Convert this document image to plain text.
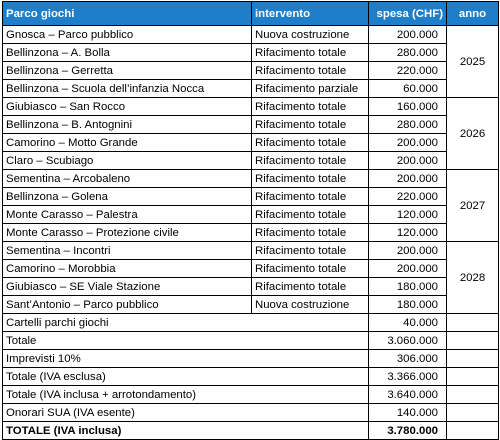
Parco giochi	intervento	spesa (CHF)	anno
Gnosca – Parco pubblico	Nuova costruzione	200.000	2025
Bellinzona – A. Bolla	Rifacimento totale	280.000	
Bellinzona – Gerretta	Rifacimento totale	220.000	
Bellinzona – Scuola dell’infanzia Nocca	Rifacimento parziale	60.000	
Giubiasco – San Rocco	Rifacimento totale	160.000	2026
Bellinzona – B. Antognini	Rifacimento totale	280.000	
Camorino – Motto Grande	Rifacimento totale	200.000	
Claro – Scubiago	Rifacimento totale	200.000	
Sementina – Arcobaleno	Rifacimento totale	200.000	2027
Bellinzona – Golena	Rifacimento totale	220.000	
Monte Carasso – Palestra	Rifacimento totale	120.000	
Monte Carasso – Protezione civile	Rifacimento totale	120.000	
Sementina – Incontri	Rifacimento totale	200.000	2028
Camorino – Morobbia	Rifacimento totale	200.000	
Giubiasco – SE Viale Stazione	Rifacimento totale	180.000	
Sant’Antonio – Parco pubblico	Nuova costruzione	180.000	
Cartelli parchi giochi		40.000	
Totale		3.060.000	
Imprevisti 10%		306.000	
Totale (IVA esclusa)		3.366.000	
Totale (IVA inclusa + arrotondamento)		3.640.000	
Onorari SUA (IVA esente)		140.000	
TOTALE (IVA inclusa)		3.780.000	
